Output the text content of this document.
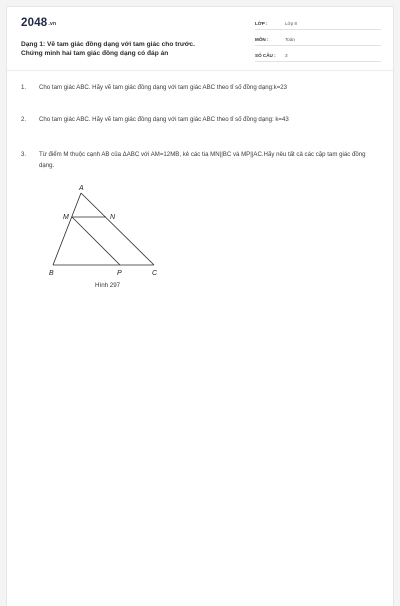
2048.vn
Dạng 1: Vẽ tam giác đồng dạng với tam giác cho trước.
Chứng minh hai tam giác đồng dạng có đáp án
LỚP :	Lớp 8
MÔN :	Toán
SỐ CÂU : 3
1. Cho tam giác ABC. Hãy vẽ tam giác đồng dạng với tam giác ABC theo tỉ số đồng dạng:k=23
2. Cho tam giác ABC. Hãy vẽ tam giác đồng dạng với tam giác ABC theo tỉ số đồng dạng: k=43
3. Từ điểm M thuộc cạnh AB của ΔABC với AM=12MB, kẻ các tia MN||BC và MP||AC.Hãy nêu tất cả các cặp tam giác đồng dạng.
A
M	N
B	P	C
Hình 297
